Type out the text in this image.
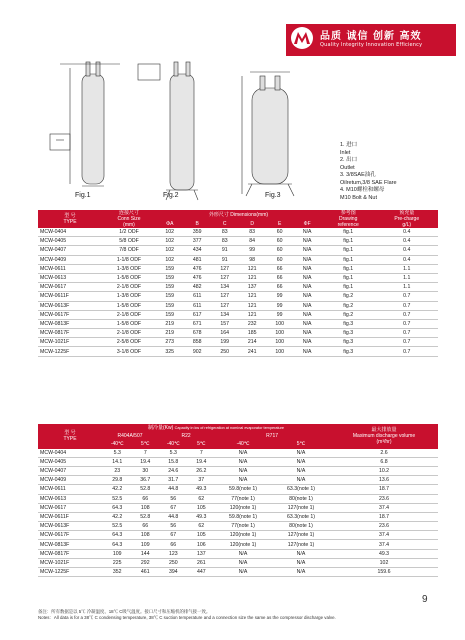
品质 诚信 创新 高效
Quality Integrity Innovation Efficiency
Fig.1	Fig.2	Fig.3
1. 进口
Inlet
2. 出口
Outlet
3. 3/8SAE油孔
Oilretum,3/8 SAE Flare
4. M10螺栓和螺母
M10 Bolt & Nut
型 号
TYPE	连接尺寸
Conn Size
(mm)	外形尺寸 Dimensions(mm)						参考图
Drawing
reference	预充量
Pre-charge
g/L)
		ΦA	B	C	D	E	ΦF		
MCW-0404	1/2 ODF	102	359	83	83	60	N/A	fig.1	0.4
MCW-0405	5/8 ODF	102	377	83	84	60	N/A	fig.1	0.4
MCW-0407	7/8 ODF	102	434	91	99	60	N/A	fig.1	0.4
MCW-0409	1-1/8 ODF	102	481	91	98	60	N/A	fig.1	0.4
MCW-0611	1-3/8 ODF	159	476	127	121	66	N/A	fig.1	1.1
MCW-0613	1-5/8 ODF	159	476	127	121	66	N/A	fig.1	1.1
MCW-0617	2-1/8 ODF	159	482	134	137	66	N/A	fig.1	1.1
MCW-0611F	1-3/8 ODF	159	611	127	121	99	N/A	fig.2	0.7
MCW-0613F	1-5/8 ODF	159	611	127	121	99	N/A	fig.2	0.7
MCW-0617F	2-1/8 ODF	159	617	134	121	99	N/A	fig.2	0.7
MCW-0813F	1-5/8 ODF	219	671	157	232	100	N/A	fig.3	0.7
MCW-0817F	2-1/8 ODF	219	678	164	185	100	N/A	fig.3	0.7
MCW-1021F	2-5/8 ODF	273	858	199	214	100	N/A	fig.3	0.7
MCW-1225F	3-1/8 ODF	325	902	250	241	100	N/A	fig.3	0.7
型 号
TYPE	制冷量(Kw) Capacity in kw of refrigeration at nominal evaporator temperature						最大排放量
Maximum discharge volume
(m³/hr)
	R404A/507		R22		R717		
	-40℃	5℃	-40℃	5℃	-40℃	5℃	
MCW-0404	5.3	7	5.3	7	N/A	N/A	2.6
MCW-0405	14.1	19.4	15.8	19.4	N/A	N/A	6.8
MCW-0407	23	30	24.6	26.2	N/A	N/A	10.2
MCW-0409	29.8	36.7	31.7	37	N/A	N/A	13.6
MCW-0611	42.2	52.8	44.8	49.3	59.8(note 1)	63.3(note 1)	18.7
MCW-0613	52.5	66	56	62	77(note 1)	80(note 1)	23.6
MCW-0617	64.3	108	67	105	120(note 1)	127(note 1)	37.4
MCW-0611F	42.2	52.8	44.8	49.3	59.8(note 1)	63.3(note 1)	18.7
MCW-0613F	52.5	66	56	62	77(note 1)	80(note 1)	23.6
MCW-0617F	64.3	108	67	105	120(note 1)	127(note 1)	37.4
MCW-0813F	64.3	109	66	106	120(note 1)	127(note 1)	37.4
MCW-0817F	109	144	123	137	N/A	N/A	49.3
MCW-1021F	225	292	250	261	N/A	N/A	102
MCW-1225F	352	461	394	447	N/A	N/A	159.6
备注：所有数据是以 5℃ 冷凝温度、18℃ C吸气温度。接口尺寸和压缩机的排气接一致。
Notes：All data is for a 38℃ C condensing temperature, 38℃ C suction temperature and a connection size the same as the compressor discharge valve.
9
